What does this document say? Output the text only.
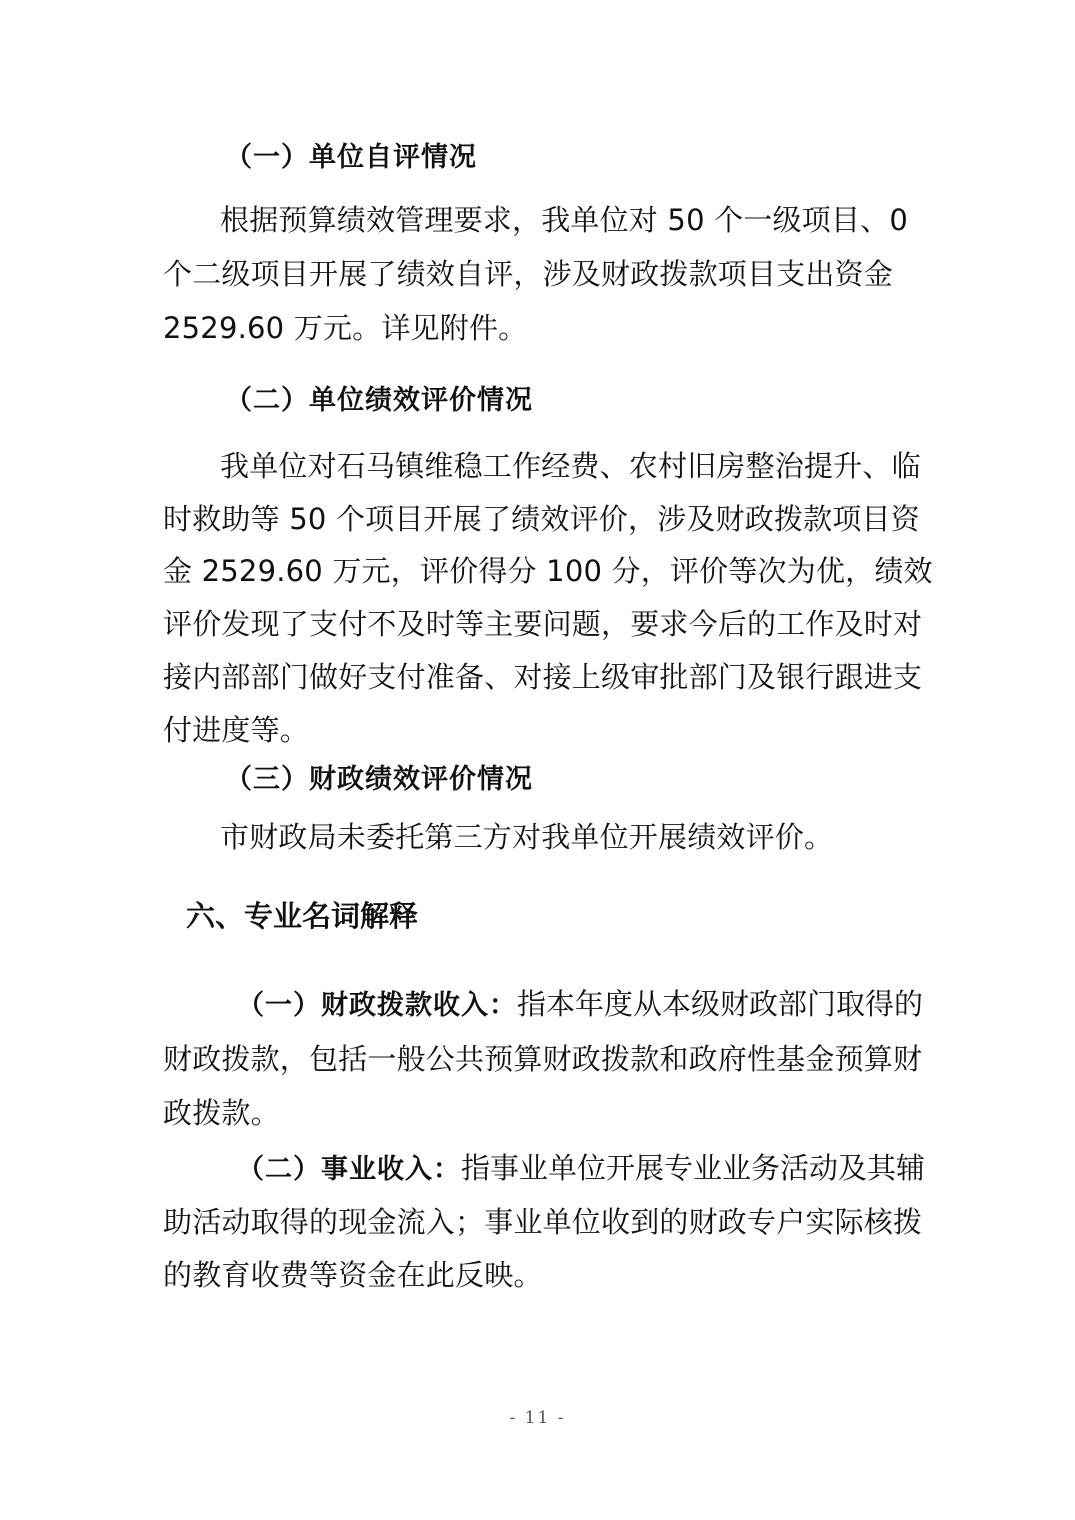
（一）单位自评情况
根据预算绩效管理要求，我单位对 50 个一级项目、0
个二级项目开展了绩效自评，涉及财政拨款项目支出资金
2529.60 万元。详见附件。
（二）单位绩效评价情况
我单位对石马镇维稳工作经费、农村旧房整治提升、临
时救助等 50 个项目开展了绩效评价，涉及财政拨款项目资
金 2529.60 万元，评价得分 100 分，评价等次为优，绩效
评价发现了支付不及时等主要问题，要求今后的工作及时对
接内部部门做好支付准备、对接上级审批部门及银行跟进支
付进度等。
（三）财政绩效评价情况
市财政局未委托第三方对我单位开展绩效评价。
六、专业名词解释
（一）财政拨款收入：指本年度从本级财政部门取得的
财政拨款，包括一般公共预算财政拨款和政府性基金预算财
政拨款。
（二）事业收入：指事业单位开展专业业务活动及其辅
助活动取得的现金流入；事业单位收到的财政专户实际核拨
的教育收费等资金在此反映。
- 11 -
